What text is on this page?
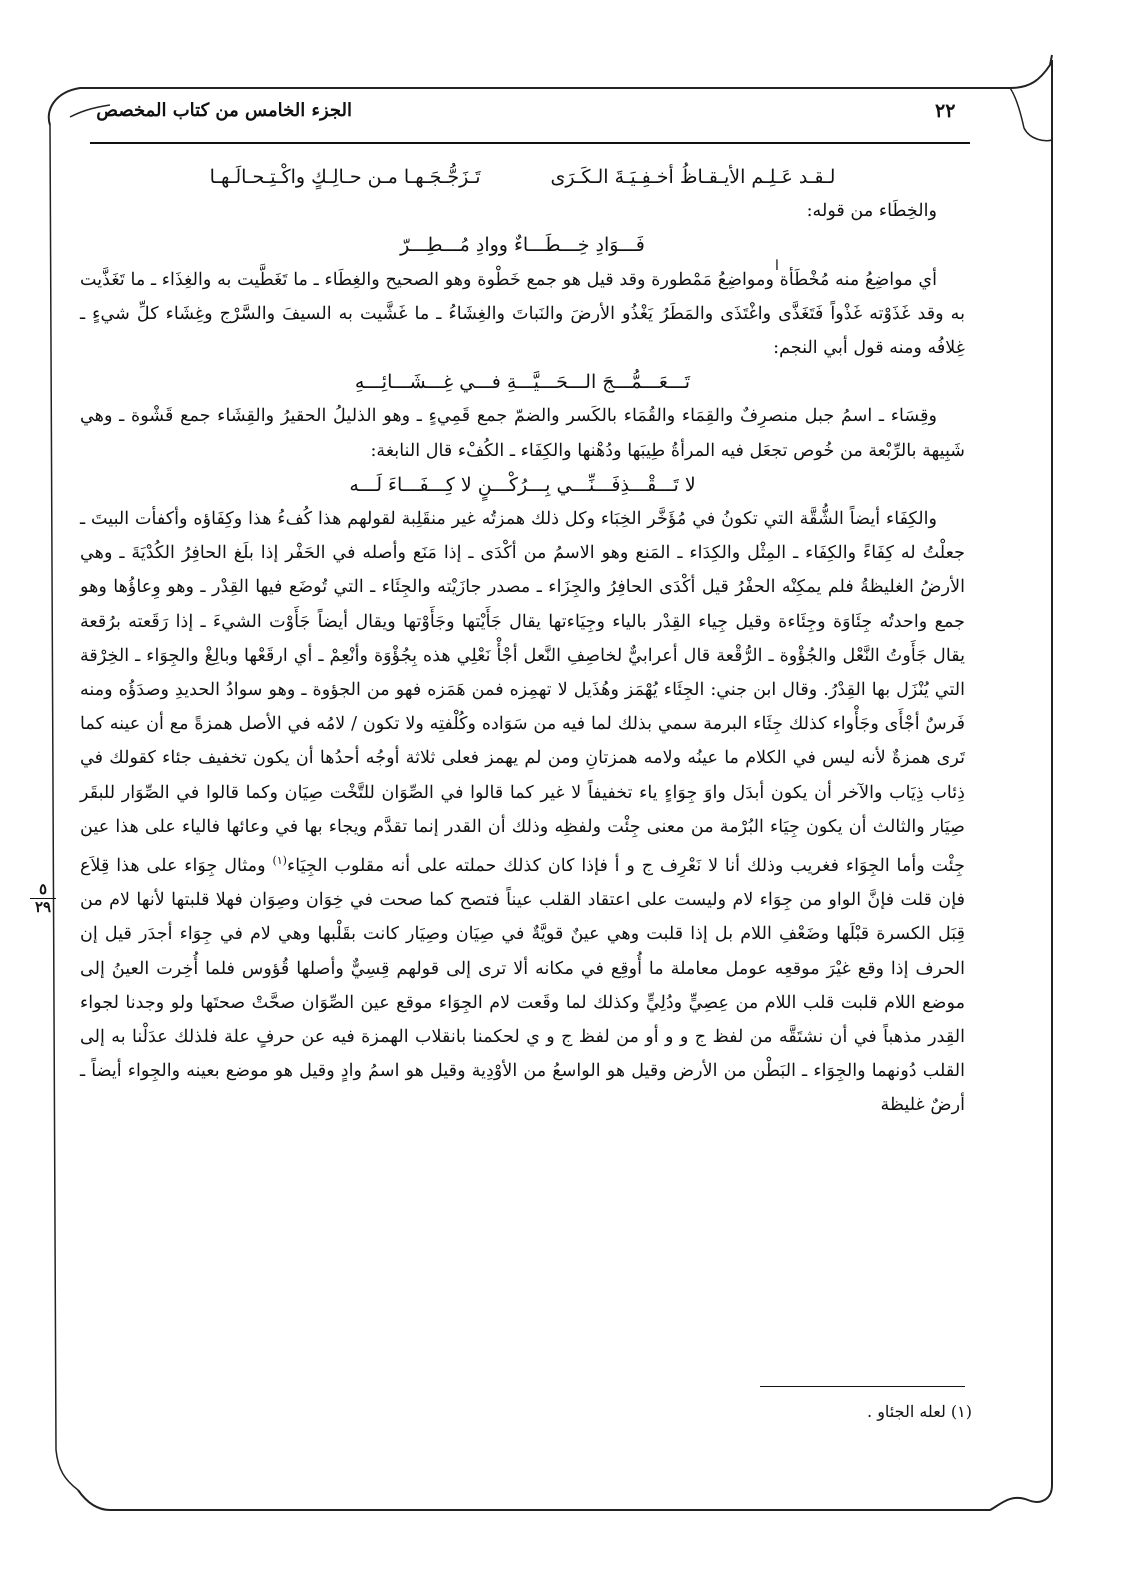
٢٢
الجزء الخامس من كتاب المخصص
ا
لـقـد عَـلِـم الأيـقـاظُ أخـفِـيَـةَ الـكَـرَى
تَـزَجُّـجَـهـا مـن حـالِـكٍ واكْـتِـحـالَـهـا

والخِطَاء من قوله:

فَـــوَادِ خِـــطَـــاءٌ ووادِ مُـــطِـــرّ

أي مواضِعُ منه مُخْطَأة ومواضِعُ مَمْطورة وقد قيل هو جمع خَطْوة وهو الصحيح والغِطَاء ـ ما تَغَطَّيت به والغِذَاء ـ ما تَغَذَّيت به وقد غَذَوْته غَذْواً فَتَغَذَّى واغْتَذَى والمَطَرُ يَغْذُو الأرضَ والنَباتَ والغِشَاءُ ـ ما غَشَّيت به السيفَ والسَّرْج وغِشَاء كلِّ شيءٍ ـ غِلافُه ومنه قول أبي النجم:

تَـــعَـــمُّـــجَ الـــحَـــيَّـــةِ فـــي غِـــشَـــائِـــهِ

وقِسَاء ـ اسمُ جبل منصرِفٌ والقِمَاء والقُمَاء بالكَسر والضمّ جمع قَمِيءٍ ـ وهو الذليلُ الحقيرُ والقِشَاء جمع قَشْوة ـ وهي شَبِيهة بالرِّبْعة من خُوص تجعَل فيه المرأةُ طِيبَها ودُهْنها والكِفَاء ـ الكُفْء قال النابغة:

لا تَـــقْـــذِفَـــنِّـــي بِـــرُكْـــنٍ لا كِـــفَـــاءَ لَـــه

والكِفَاء أيضاً الشُّقَّة التي تكونُ في مُؤَخَّر الخِبَاء وكل ذلك همزتُه غير منقَلِبة لقولهم هذا كُفءُ هذا وكِفَاؤه وأكفأت البيتَ ـ جعلْتُ له كِفَاءً والكِفَاء ـ المِثْل والكِدَاء ـ المَنع وهو الاسمُ من أكْدَى ـ إذا مَنَع وأصله في الحَفْر إذا بلَغ الحافِرُ الكُدْيَةَ ـ وهي الأرضُ الغليظةُ فلم يمكِنْه الحفْرُ قيل أكْدَى الحافِرُ والجِزَاء ـ مصدر جازَيْته والجِئَاء ـ التي تُوضَع فيها القِدْر ـ وهو وِعاؤُها وهو جمع واحدتُه جِئَاوَة وجِئَاءة وقيل جِياء القِدْر بالياء وجِيَاءتها يقال جَأَيْتها وجَأَوْتها ويقال أيضاً جَأَوْت الشيءَ ـ إذا رَقَعته برُقعة يقال جَأَوتُ النَّعْل والجُؤْوة ـ الرُّقْعة قال أعرابيٌّ لخاصِفِ النَّعل أجْأْ نَعْلِي هذه بِجُؤْوَة وأنْعِمْ ـ أي ارقَعْها وبالِغْ والجِوَاء ـ الخِرْقة التي يُنْزَل بها القِدْرُ. وقال ابن جني: الجِئَاء يُهْمَز وهُذَيل لا تهمِزه فمن هَمَزه فهو من الجؤوة ـ وهو سوادُ الحديدِ وصدَؤُه ومنه فَرسٌ أجْأَى وجَأْواء كذلك جِئَاء البرمة سمي بذلك لما فيه من سَوَاده وكُلْفتِه ولا تكون / لامُه في الأصل همزةً مع أن عينه كما تَرى همزةٌ لأنه ليس في الكلام ما عينُه ولامه همزتانِ ومن لم يهمز فعلى ثلاثة أوجُه أحدُها أن يكون تخفيف جئاء كقولك في ذِئاب ذِيَاب والآخر أن يكون أبدَل واوَ جِوَاءٍ ياء تخفيفاً لا غير كما قالوا في الصِّوَان للتَّخْت صِيَان وكما قالوا في الصِّوَار للبقَر صِيَار والثالث أن يكون جِيَاء البُرْمة من معنى جِئْت ولفظِه وذلك أن القدر إنما تقدَّم ويجاء بها في وعائها فالياء على هذا عين جِئْت وأما الجِوَاء فغريب وذلك أنا لا نَعْرِف ج و أ فإذا كان كذلك حملته على أنه مقلوب الجِيَاء$^{(١)}$ ومثال جِوَاء على هذا قِلاَع فإن قلت فإنَّ الواو من جِوَاء لام وليست على اعتقاد القلب عيناً فتصح كما صحت في خِوَان وصِوَان فهلا قلبتها لأنها لام من قِبَل الكسرة قبْلَها وضَعْفِ اللام بل إذا قلبت وهي عينٌ قويَّةٌ في صِيَان وصِيَار كانت بقَلْبها وهي لام في جِوَاء أجدَر قيل إن الحرف إذا وقع غيْرَ موقعِه عومل معاملة ما أُوقِع في مكانه ألا ترى إلى قولهم قِسِيٌّ وأصلها قُؤوس فلما أُخِرت العينُ إلى موضع اللام قلبت قلب اللام من عِصِيٍّ ودُلِيٍّ وكذلك لما وقَعت لام الجِوَاء موقع عين الصِّوَان صحَّتْ صحتَها ولو وجدنا لجواء القِدر مذهباً في أن نشتَقَّه من لفظ ج و و أو من لفظ ج و ي لحكمنا بانقلاب الهمزة فيه عن حرفٍ علة فلذلك عدَلْنا به إلى القلب دُونهما والجِوَاء ـ البَطْن من الأرض وقيل هو الواسعُ من الأوْدِية وقيل هو اسمُ وادٍ وقيل هو موضع بعينه والجِواء أيضاً ـ أرضٌ غليظة

٥
٢٩
(١) لعله الجئاو .
